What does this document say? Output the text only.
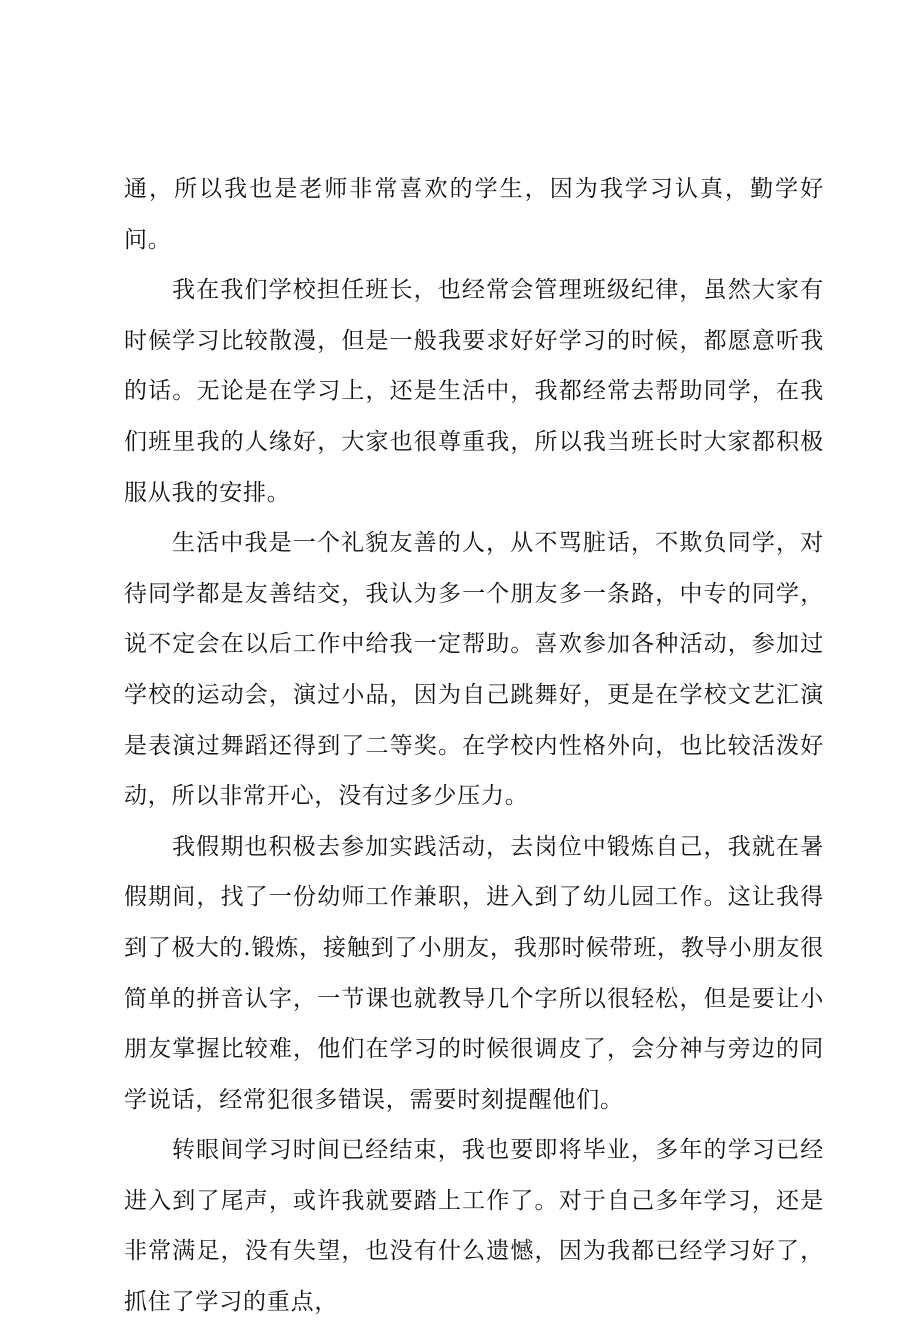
通，所以我也是老师非常喜欢的学生，因为我学习认真，勤学好问。

我在我们学校担任班长，也经常会管理班级纪律，虽然大家有时候学习比较散漫，但是一般我要求好好学习的时候，都愿意听我的话。无论是在学习上，还是生活中，我都经常去帮助同学，在我们班里我的人缘好，大家也很尊重我，所以我当班长时大家都积极服从我的安排。

生活中我是一个礼貌友善的人，从不骂脏话，不欺负同学，对待同学都是友善结交，我认为多一个朋友多一条路，中专的同学，说不定会在以后工作中给我一定帮助。喜欢参加各种活动，参加过学校的运动会，演过小品，因为自己跳舞好，更是在学校文艺汇演是表演过舞蹈还得到了二等奖。在学校内性格外向，也比较活泼好动，所以非常开心，没有过多少压力。

我假期也积极去参加实践活动，去岗位中锻炼自己，我就在暑假期间，找了一份幼师工作兼职，进入到了幼儿园工作。这让我得到了极大的.锻炼，接触到了小朋友，我那时候带班，教导小朋友很简单的拼音认字，一节课也就教导几个字所以很轻松，但是要让小朋友掌握比较难，他们在学习的时候很调皮了，会分神与旁边的同学说话，经常犯很多错误，需要时刻提醒他们。

转眼间学习时间已经结束，我也要即将毕业，多年的学习已经进入到了尾声，或许我就要踏上工作了。对于自己多年学习，还是非常满足，没有失望，也没有什么遗憾，因为我都已经学习好了，抓住了学习的重点，
